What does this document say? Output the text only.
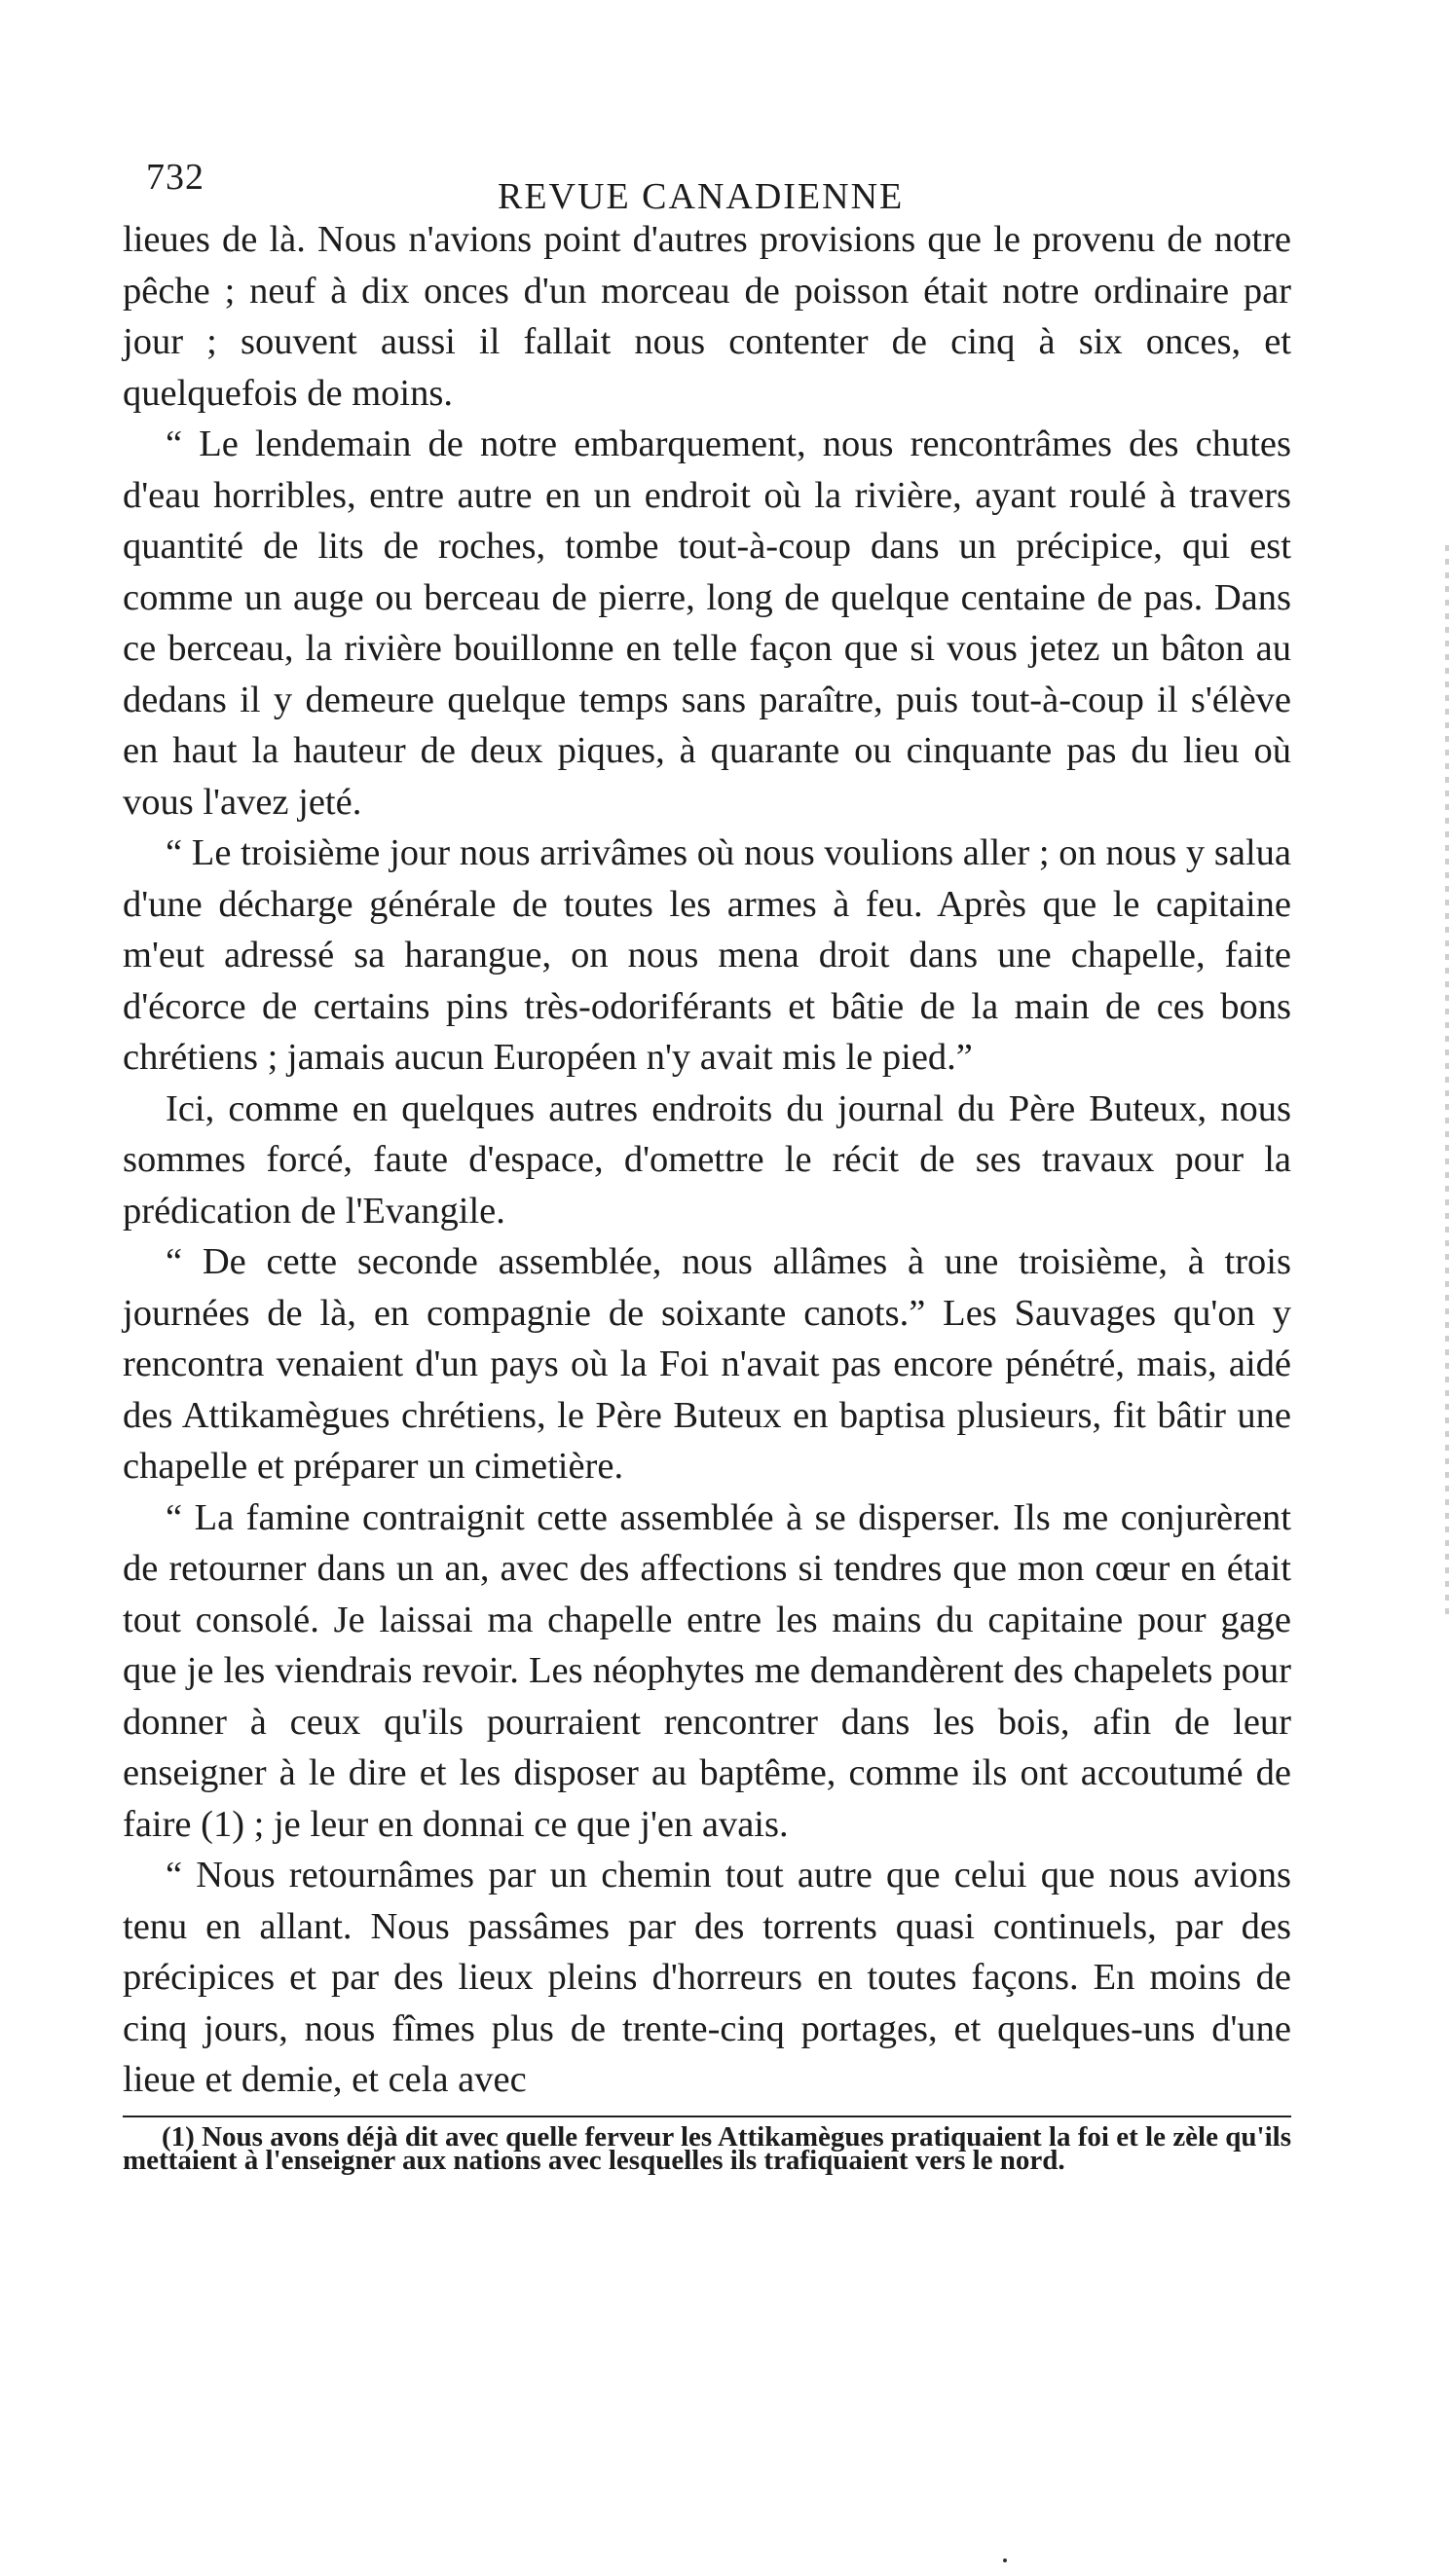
732	REVUE CANADIENNE

lieues de là. Nous n'avions point d'autres provisions que le provenu de notre pêche ; neuf à dix onces d'un morceau de poisson était notre ordinaire par jour ; souvent aussi il fallait nous contenter de cinq à six onces, et quelquefois de moins.

“ Le lendemain de notre embarquement, nous rencontrâmes des chutes d'eau horribles, entre autre en un endroit où la rivière, ayant roulé à travers quantité de lits de roches, tombe tout-à-coup dans un précipice, qui est comme un auge ou berceau de pierre, long de quelque centaine de pas. Dans ce berceau, la rivière bouillonne en telle façon que si vous jetez un bâton au dedans il y demeure quelque temps sans paraître, puis tout-à-coup il s'élève en haut la hauteur de deux piques, à quarante ou cinquante pas du lieu où vous l'avez jeté.

“ Le troisième jour nous arrivâmes où nous voulions aller ; on nous y salua d'une décharge générale de toutes les armes à feu. Après que le capitaine m'eut adressé sa harangue, on nous mena droit dans une chapelle, faite d'écorce de certains pins très-odoriférants et bâtie de la main de ces bons chrétiens ; jamais aucun Européen n'y avait mis le pied.”

Ici, comme en quelques autres endroits du journal du Père Buteux, nous sommes forcé, faute d'espace, d'omettre le récit de ses travaux pour la prédication de l'Evangile.

“ De cette seconde assemblée, nous allâmes à une troisième, à trois journées de là, en compagnie de soixante canots.” Les Sauvages qu'on y rencontra venaient d'un pays où la Foi n'avait pas encore pénétré, mais, aidé des Attikamègues chrétiens, le Père Buteux en baptisa plusieurs, fit bâtir une chapelle et préparer un cimetière.

“ La famine contraignit cette assemblée à se disperser. Ils me conjurèrent de retourner dans un an, avec des affections si tendres que mon cœur en était tout consolé. Je laissai ma chapelle entre les mains du capitaine pour gage que je les viendrais revoir. Les néophytes me demandèrent des chapelets pour donner à ceux qu'ils pourraient rencontrer dans les bois, afin de leur enseigner à le dire et les disposer au baptême, comme ils ont accoutumé de faire (1) ; je leur en donnai ce que j'en avais.

“ Nous retournâmes par un chemin tout autre que celui que nous avions tenu en allant. Nous passâmes par des torrents quasi continuels, par des précipices et par des lieux pleins d'horreurs en toutes façons. En moins de cinq jours, nous fîmes plus de trente-cinq portages, et quelques-uns d'une lieue et demie, et cela avec

(1) Nous avons déjà dit avec quelle ferveur les Attikamègues pratiquaient la foi et le zèle qu'ils mettaient à l'enseigner aux nations avec lesquelles ils trafiquaient vers le nord.
